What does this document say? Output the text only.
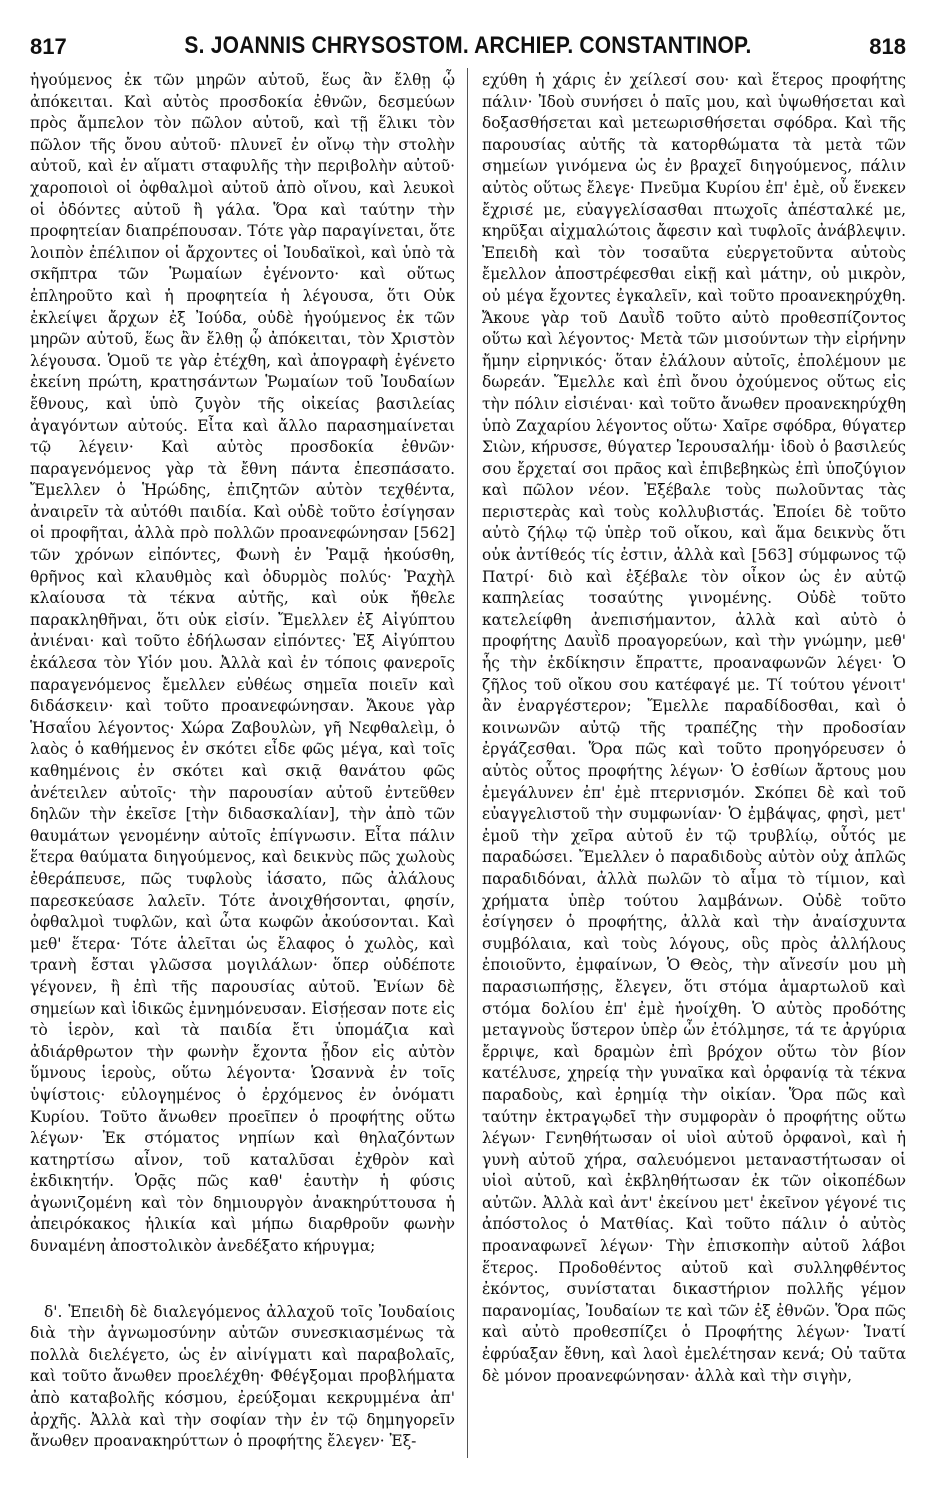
817	S. JOANNIS CHRYSOSTOM. ARCHIEP. CONSTANTINOP.	818

ἡγούμενος ἐκ τῶν μηρῶν αὐτοῦ, ἕως ἂν ἔλθῃ ᾧ ἀπόκειται. Καὶ αὐτὸς προσδοκία ἐθνῶν, δεσμεύων πρὸς ἄμπελον τὸν πῶλον αὐτοῦ, καὶ τῇ ἕλικι τὸν πῶλον τῆς ὄνου αὐτοῦ· πλυνεῖ ἐν οἴνῳ τὴν στολὴν αὐτοῦ, καὶ ἐν αἵματι σταφυλῆς τὴν περιβολὴν αὐτοῦ· χαροποιοὶ οἱ ὀφθαλμοὶ αὐτοῦ ἀπὸ οἴνου, καὶ λευκοὶ οἱ ὀδόντες αὐτοῦ ἢ γάλα. Ὅρα καὶ ταύτην τὴν προφητείαν διαπρέπουσαν. Τότε γὰρ παραγίνεται, ὅτε λοιπὸν ἐπέλιπον οἱ ἄρχοντες οἱ Ἰουδαϊκοὶ, καὶ ὑπὸ τὰ σκῆπτρα τῶν Ῥωμαίων ἐγένοντο· καὶ οὕτως ἐπληροῦτο καὶ ἡ προφητεία ἡ λέγουσα, ὅτι Οὐκ ἐκλείψει ἄρχων ἐξ Ἰούδα, οὐδὲ ἡγούμενος ἐκ τῶν μηρῶν αὐτοῦ, ἕως ἂν ἔλθῃ ᾧ ἀπόκειται, τὸν Χριστὸν λέγουσα. Ὁμοῦ τε γὰρ ἐτέχθη, καὶ ἀπογραφὴ ἐγένετο ἐκείνη πρώτη, κρατησάντων Ῥωμαίων τοῦ Ἰουδαίων ἔθνους, καὶ ὑπὸ ζυγὸν τῆς οἰκείας βασιλείας ἀγαγόντων αὐτούς. Εἶτα καὶ ἄλλο παρασημαίνεται τῷ λέγειν· Καὶ αὐτὸς προσδοκία ἐθνῶν· παραγενόμενος γὰρ τὰ ἔθνη πάντα ἐπεσπάσατο. Ἔμελλεν ὁ Ἡρώδης, ἐπιζητῶν αὐτὸν τεχθέντα, ἀναιρεῖν τὰ αὐτόθι παιδία. Καὶ οὐδὲ τοῦτο ἐσίγησαν οἱ προφῆται, ἀλλὰ πρὸ πολλῶν προανεφώνησαν [562] τῶν χρόνων εἰπόντες, Φωνὴ ἐν Ῥαμᾷ ἠκούσθη, θρῆνος καὶ κλαυθμὸς καὶ ὀδυρμὸς πολύς· Ῥαχὴλ κλαίουσα τὰ τέκνα αὐτῆς, καὶ οὐκ ἤθελε παρακληθῆναι, ὅτι οὐκ εἰσίν. Ἔμελλεν ἐξ Αἰγύπτου ἀνιέναι· καὶ τοῦτο ἐδήλωσαν εἰπόντες· Ἐξ Αἰγύπτου ἐκάλεσα τὸν Υἱόν μου. Ἀλλὰ καὶ ἐν τόποις φανεροῖς παραγενόμενος ἔμελλεν εὐθέως σημεῖα ποιεῖν καὶ διδάσκειν· καὶ τοῦτο προανεφώνησαν. Ἄκουε γὰρ Ἡσαΐου λέγοντος· Χώρα Ζαβουλὼν, γῆ Νεφθαλεὶμ, ὁ λαὸς ὁ καθήμενος ἐν σκότει εἶδε φῶς μέγα, καὶ τοῖς καθημένοις ἐν σκότει καὶ σκιᾷ θανάτου φῶς ἀνέτειλεν αὐτοῖς· τὴν παρουσίαν αὐτοῦ ἐντεῦθεν δηλῶν τὴν ἐκεῖσε [τὴν διδασκαλίαν], τὴν ἀπὸ τῶν θαυμάτων γενομένην αὐτοῖς ἐπίγνωσιν. Εἶτα πάλιν ἕτερα θαύματα διηγούμενος, καὶ δεικνὺς πῶς χωλοὺς ἐθεράπευσε, πῶς τυφλοὺς ἰάσατο, πῶς ἀλάλους παρεσκεύασε λαλεῖν. Τότε ἀνοιχθήσονται, φησίν, ὀφθαλμοὶ τυφλῶν, καὶ ὦτα κωφῶν ἀκούσονται. Καὶ μεθ' ἕτερα· Τότε ἁλεῖται ὡς ἔλαφος ὁ χωλὸς, καὶ τρανὴ ἔσται γλῶσσα μογιλάλων· ὅπερ οὐδέποτε γέγονεν, ἢ ἐπὶ τῆς παρουσίας αὐτοῦ. Ἐνίων δὲ σημείων καὶ ἰδικῶς ἐμνημόνευσαν. Εἰσῄεσαν ποτε εἰς τὸ ἱερὸν, καὶ τὰ παιδία ἔτι ὑπομάζια καὶ ἀδιάρθρωτον τὴν φωνὴν ἔχοντα ᾖδον εἰς αὐτὸν ὕμνους ἱεροὺς, οὕτω λέγοντα· Ὡσαννὰ ἐν τοῖς ὑψίστοις· εὐλογημένος ὁ ἐρχόμενος ἐν ὀνόματι Κυρίου. Τοῦτο ἄνωθεν προεῖπεν ὁ προφήτης οὕτω λέγων· Ἐκ στόματος νηπίων καὶ θηλαζόντων κατηρτίσω αἶνον, τοῦ καταλῦσαι ἐχθρὸν καὶ ἐκδικητήν. Ὁρᾷς πῶς καθ' ἑαυτὴν ἡ φύσις ἀγωνιζομένη καὶ τὸν δημιουργὸν ἀνακηρύττουσα ἡ ἀπειρόκακος ἡλικία καὶ μήπω διαρθροῦν φωνὴν δυναμένη ἀποστολικὸν ἀνεδέξατο κήρυγμα;

δ'. Ἐπειδὴ δὲ διαλεγόμενος ἀλλαχοῦ τοῖς Ἰουδαίοις διὰ τὴν ἀγνωμοσύνην αὐτῶν συνεσκιασμένως τὰ πολλὰ διελέγετο, ὡς ἐν αἰνίγματι καὶ παραβολαῖς, καὶ τοῦτο ἄνωθεν προελέχθη· Φθέγξομαι προβλήματα ἀπὸ καταβολῆς κόσμου, ἐρεύξομαι κεκρυμμένα ἀπ' ἀρχῆς. Ἀλλὰ καὶ τὴν σοφίαν τὴν ἐν τῷ δημηγορεῖν ἄνωθεν προανακηρύττων ὁ προφήτης ἔλεγεν· Ἐξ-

εχύθη ἡ χάρις ἐν χείλεσί σου· καὶ ἕτερος προφήτης πάλιν· Ἰδοὺ συνήσει ὁ παῖς μου, καὶ ὑψωθήσεται καὶ δοξασθήσεται καὶ μετεωρισθήσεται σφόδρα. Καὶ τῆς παρουσίας αὐτῆς τὰ κατορθώματα τὰ μετὰ τῶν σημείων γινόμενα ὡς ἐν βραχεῖ διηγούμενος, πάλιν αὐτὸς οὕτως ἔλεγε· Πνεῦμα Κυρίου ἐπ' ἐμὲ, οὗ ἕνεκεν ἔχρισέ με, εὐαγγελίσασθαι πτωχοῖς ἀπέσταλκέ με, κηρῦξαι αἰχμαλώτοις ἄφεσιν καὶ τυφλοῖς ἀνάβλεψιν. Ἐπειδὴ καὶ τὸν τοσαῦτα εὐεργετοῦντα αὐτοὺς ἔμελλον ἀποστρέφεσθαι εἰκῇ καὶ μάτην, οὐ μικρὸν, οὐ μέγα ἔχοντες ἐγκαλεῖν, καὶ τοῦτο προανεκηρύχθη. Ἄκουε γὰρ τοῦ Δαυῒδ τοῦτο αὐτὸ προθεσπίζοντος οὕτω καὶ λέγοντος· Μετὰ τῶν μισούντων τὴν εἰρήνην ἤμην εἰρηνικός· ὅταν ἐλάλουν αὐτοῖς, ἐπολέμουν με δωρεάν. Ἔμελλε καὶ ἐπὶ ὄνου ὀχούμενος οὕτως εἰς τὴν πόλιν εἰσιέναι· καὶ τοῦτο ἄνωθεν προανεκηρύχθη ὑπὸ Ζαχαρίου λέγοντος οὕτω· Χαῖρε σφόδρα, θύγατερ Σιὼν, κήρυσσε, θύγατερ Ἱερουσαλήμ· ἰδοὺ ὁ βασιλεύς σου ἔρχεταί σοι πρᾶος καὶ ἐπιβεβηκὼς ἐπὶ ὑποζύγιον καὶ πῶλον νέον. Ἐξέβαλε τοὺς πωλοῦντας τὰς περιστερὰς καὶ τοὺς κολλυβιστάς. Ἐποίει δὲ τοῦτο αὐτὸ ζήλῳ τῷ ὑπὲρ τοῦ οἴκου, καὶ ἅμα δεικνὺς ὅτι οὐκ ἀντίθεός τίς ἐστιν, ἀλλὰ καὶ [563] σύμφωνος τῷ Πατρί· διὸ καὶ ἐξέβαλε τὸν οἶκον ὡς ἐν αὐτῷ καπηλείας τοσαύτης γινομένης. Οὐδὲ τοῦτο κατελείφθη ἀνεπισήμαντον, ἀλλὰ καὶ αὐτὸ ὁ προφήτης Δαυῒδ προαγορεύων, καὶ τὴν γνώμην, μεθ' ἧς τὴν ἐκδίκησιν ἔπραττε, προαναφωνῶν λέγει· Ὁ ζῆλος τοῦ οἴκου σου κατέφαγέ με. Τί τούτου γένοιτ' ἂν ἐναργέστερον; Ἔμελλε παραδίδοσθαι, καὶ ὁ κοινωνῶν αὐτῷ τῆς τραπέζης τὴν προδοσίαν ἐργάζεσθαι. Ὅρα πῶς καὶ τοῦτο προηγόρευσεν ὁ αὐτὸς οὗτος προφήτης λέγων· Ὁ ἐσθίων ἄρτους μου ἐμεγάλυνεν ἐπ' ἐμὲ πτερνισμόν. Σκόπει δὲ καὶ τοῦ εὐαγγελιστοῦ τὴν συμφωνίαν· Ὁ ἐμβάψας, φησὶ, μετ' ἐμοῦ τὴν χεῖρα αὐτοῦ ἐν τῷ τρυβλίῳ, οὗτός με παραδώσει. Ἔμελλεν ὁ παραδιδοὺς αὐτὸν οὐχ ἁπλῶς παραδιδόναι, ἀλλὰ πωλῶν τὸ αἷμα τὸ τίμιον, καὶ χρήματα ὑπὲρ τούτου λαμβάνων. Οὐδὲ τοῦτο ἐσίγησεν ὁ προφήτης, ἀλλὰ καὶ τὴν ἀναίσχυντα συμβόλαια, καὶ τοὺς λόγους, οὓς πρὸς ἀλλήλους ἐποιοῦντο, ἐμφαίνων, Ὁ Θεὸς, τὴν αἴνεσίν μου μὴ παρασιωπήσῃς, ἔλεγεν, ὅτι στόμα ἁμαρτωλοῦ καὶ στόμα δολίου ἐπ' ἐμὲ ἠνοίχθη. Ὁ αὐτὸς προδότης μεταγνοὺς ὕστερον ὑπὲρ ὧν ἐτόλμησε, τά τε ἀργύρια ἔρριψε, καὶ δραμὼν ἐπὶ βρόχον οὕτω τὸν βίον κατέλυσε, χηρείᾳ τὴν γυναῖκα καὶ ὀρφανίᾳ τὰ τέκνα παραδοὺς, καὶ ἐρημίᾳ τὴν οἰκίαν. Ὅρα πῶς καὶ ταύτην ἐκτραγῳδεῖ τὴν συμφορὰν ὁ προφήτης οὕτω λέγων· Γενηθήτωσαν οἱ υἱοὶ αὐτοῦ ὀρφανοὶ, καὶ ἡ γυνὴ αὐτοῦ χήρα, σαλευόμενοι μεταναστήτωσαν οἱ υἱοὶ αὐτοῦ, καὶ ἐκβληθήτωσαν ἐκ τῶν οἰκοπέδων αὐτῶν. Ἀλλὰ καὶ ἀντ' ἐκείνου μετ' ἐκεῖνον γέγονέ τις ἀπόστολος ὁ Ματθίας. Καὶ τοῦτο πάλιν ὁ αὐτὸς προαναφωνεῖ λέγων· Τὴν ἐπισκοπὴν αὐτοῦ λάβοι ἕτερος. Προδοθέντος αὐτοῦ καὶ συλληφθέντος ἐκόντος, συνίσταται δικαστήριον πολλῆς γέμον παρανομίας, Ἰουδαίων τε καὶ τῶν ἐξ ἐθνῶν. Ὅρα πῶς καὶ αὐτὸ προθεσπίζει ὁ Προφήτης λέγων· Ἱνατί ἐφρύαξαν ἔθνη, καὶ λαοὶ ἐμελέτησαν κενά; Οὐ ταῦτα δὲ μόνον προανεφώνησαν· ἀλλὰ καὶ τὴν σιγὴν,
